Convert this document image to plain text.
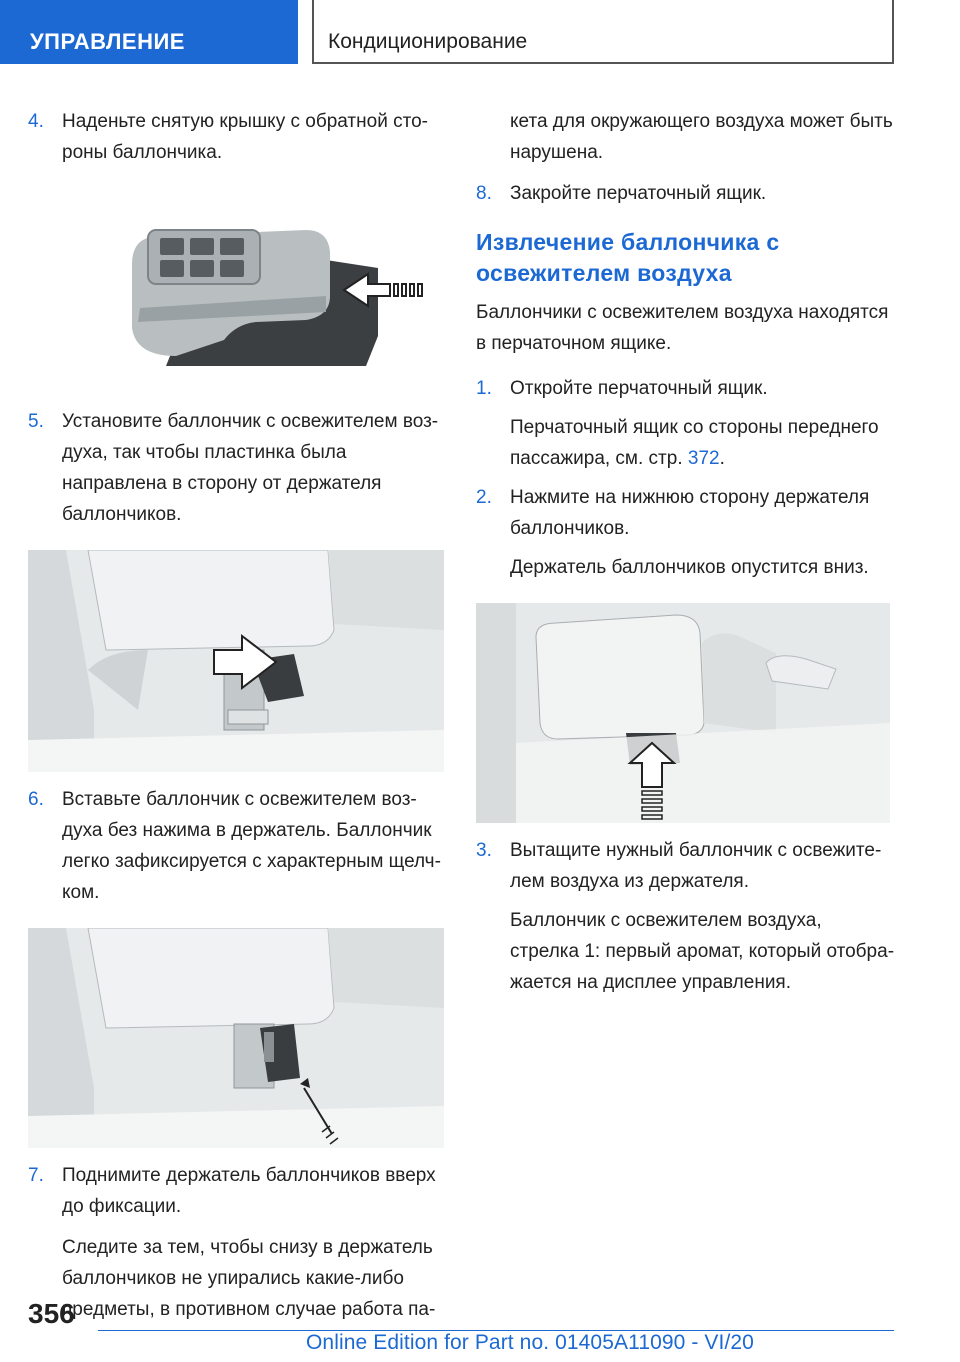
УПРАВЛЕНИЕ	Кондиционирование
4. Наденьте снятую крышку с обратной сто-роны баллончика.
5. Установите баллончик с освежителем воз-духа, так чтобы пластинка была направлена в сторону от держателя баллончиков.
6. Вставьте баллончик с освежителем воз-духа без нажима в держатель. Баллончик легко зафиксируется с характерным щелч-ком.
7. Поднимите держатель баллончиков вверх до фиксации.
Следите за тем, чтобы снизу в держатель баллончиков не упирались какие-либо предметы, в противном случае работа па-
кета для окружающего воздуха может быть нарушена.
8. Закройте перчаточный ящик.
Извлечение баллончика с освежителем воздуха
Баллончики с освежителем воздуха находятся в перчаточном ящике.
1. Откройте перчаточный ящик.
Перчаточный ящик со стороны переднего пассажира, см. стр. 372.
2. Нажмите на нижнюю сторону держателя баллончиков.
Держатель баллончиков опустится вниз.
3. Вытащите нужный баллончик с освежите-лем воздуха из держателя.
Баллончик с освежителем воздуха, стрелка 1: первый аромат, который отобра-жается на дисплее управления.
356
Online Edition for Part no. 01405A11090 - VI/20
